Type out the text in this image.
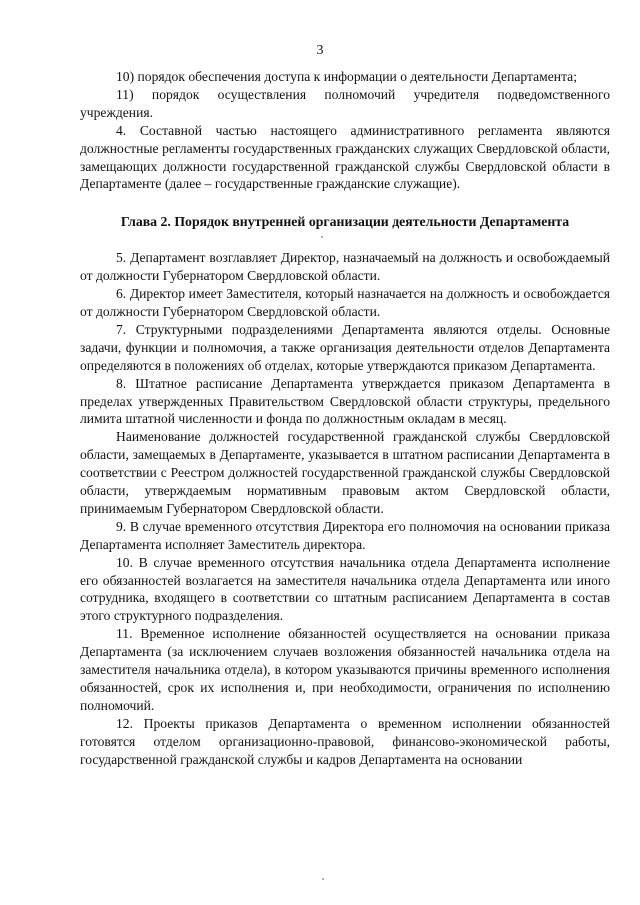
3

10) порядок обеспечения доступа к информации о деятельности Департамента;

11) порядок осуществления полномочий учредителя подведомственного учреждения.

4. Составной частью настоящего административного регламента являются должностные регламенты государственных гражданских служащих Свердловской области, замещающих должности государственной гражданской службы Свердловской области в Департаменте (далее – государственные гражданские служащие).

Глава 2. Порядок внутренней организации деятельности Департамента

5. Департамент возглавляет Директор, назначаемый на должность и освобождаемый от должности Губернатором Свердловской области.

6. Директор имеет Заместителя, который назначается на должность и освобождается от должности Губернатором Свердловской области.

7. Структурными подразделениями Департамента являются отделы. Основные задачи, функции и полномочия, а также организация деятельности отделов Департамента определяются в положениях об отделах, которые утверждаются приказом Департамента.

8. Штатное расписание Департамента утверждается приказом Департамента в пределах утвержденных Правительством Свердловской области структуры, предельного лимита штатной численности и фонда по должностным окладам в месяц.

Наименование должностей государственной гражданской службы Свердловской области, замещаемых в Департаменте, указывается в штатном расписании Департамента в соответствии с Реестром должностей государственной гражданской службы Свердловской области, утверждаемым нормативным правовым актом Свердловской области, принимаемым Губернатором Свердловской области.

9. В случае временного отсутствия Директора его полномочия на основании приказа Департамента исполняет Заместитель директора.

10. В случае временного отсутствия начальника отдела Департамента исполнение его обязанностей возлагается на заместителя начальника отдела Департамента или иного сотрудника, входящего в соответствии со штатным расписанием Департамента в состав этого структурного подразделения.

11. Временное исполнение обязанностей осуществляется на основании приказа Департамента (за исключением случаев возложения обязанностей начальника отдела на заместителя начальника отдела), в котором указываются причины временного исполнения обязанностей, срок их исполнения и, при необходимости, ограничения по исполнению полномочий.

12. Проекты приказов Департамента о временном исполнении обязанностей готовятся отделом организационно-правовой, финансово-экономической работы, государственной гражданской службы и кадров Департамента на основании
